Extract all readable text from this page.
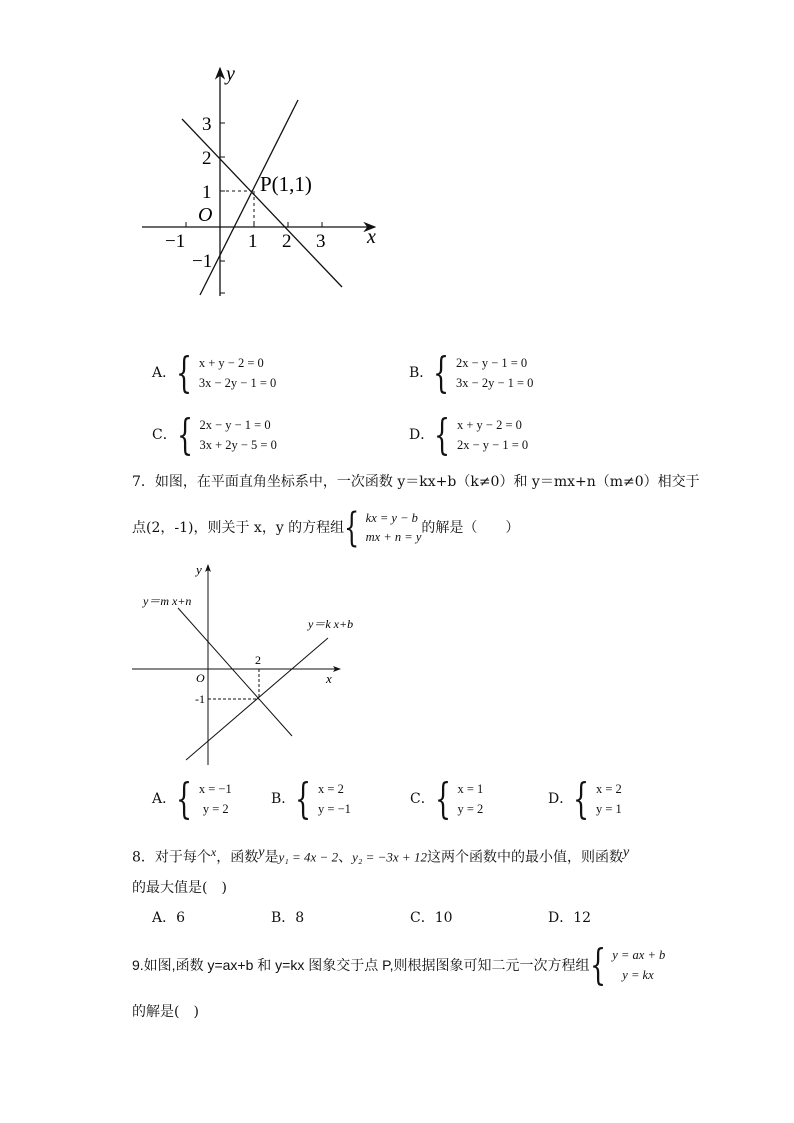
y
x
O
P(1,1)
−1	1 2 3
3
2
1
−1
A． { x + y − 2 = 0
3x − 2y − 1 = 0
B． { 2x − y − 1 = 0
3x − 2y − 1 = 0
C． { 2x − y − 1 = 0
3x + 2y − 5 = 0
D． { x + y − 2 = 0
2x − y − 1 = 0
7．如图，在平面直角坐标系中，一次函数 y＝kx+b（k≠0）和 y＝mx+n（m≠0）相交于
点(2，-1)，则关于 x，y 的方程组 { kx = y − b
mx + n = y
的解是（　　）
y
x
O
2
-1
y＝m x+n
y＝k x+b
A． { x = −1
y = 2
B． { x = 2
y = −1
C． { x = 1
y = 2
D． { x = 2
y = 1
8．对于每个$^x$，函数$^y$是y₁ = 4x − 2、y₂ = −3x + 12这两个函数中的最小值，则函数$^y$
的最大值是(　)
A．6	B．8	C．10	D．12
9.如图,函数 y=ax+b 和 y=kx 图象交于点 P,则根据图象可知二元一次方程组 { y = ax + b
y = kx
的解是(　)
